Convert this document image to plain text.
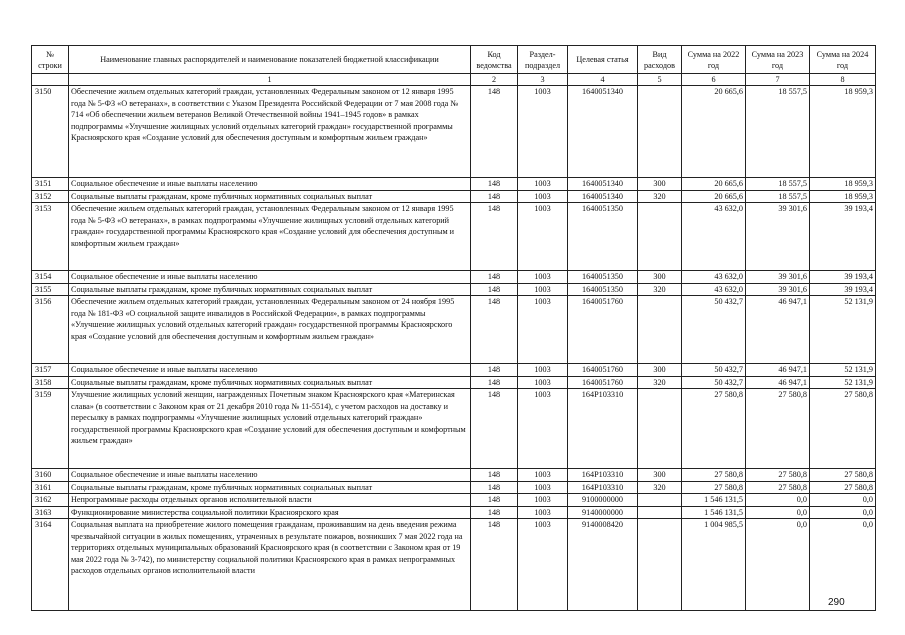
№ строки	Наименование главных распорядителей и наименование показателей бюджетной классификации	Код ведомства	Раздел-подраздел	Целевая статья	Вид расходов	Сумма на 2022 год	Сумма на 2023 год	Сумма на 2024 год
	1	2	3	4	5	6	7	8
3150	Обеспечение жильем отдельных категорий граждан, установленных Федеральным законом от 12 января 1995 года № 5-ФЗ «О ветеранах», в соответствии с Указом Президента Российской Федерации от 7 мая 2008 года № 714 «Об обеспечении жильем ветеранов Великой Отечественной войны 1941–1945 годов» в рамках подпрограммы «Улучшение жилищных условий отдельных категорий граждан» государственной программы Красноярского края «Создание условий для обеспечения доступным и комфортным жильем граждан»	148	1003	1640051340		20 665,6	18 557,5	18 959,3
3151	Социальное обеспечение и иные выплаты населению	148	1003	1640051340	300	20 665,6	18 557,5	18 959,3
3152	Социальные выплаты гражданам, кроме публичных нормативных социальных выплат	148	1003	1640051340	320	20 665,6	18 557,5	18 959,3
3153	Обеспечение жильем отдельных категорий граждан, установленных Федеральным законом от 12 января 1995 года № 5-ФЗ «О ветеранах», в рамках подпрограммы «Улучшение жилищных условий отдельных категорий граждан» государственной программы Красноярского края «Создание условий для обеспечения доступным и комфортным жильем граждан»	148	1003	1640051350		43 632,0	39 301,6	39 193,4
3154	Социальное обеспечение и иные выплаты населению	148	1003	1640051350	300	43 632,0	39 301,6	39 193,4
3155	Социальные выплаты гражданам, кроме публичных нормативных социальных выплат	148	1003	1640051350	320	43 632,0	39 301,6	39 193,4
3156	Обеспечение жильем отдельных категорий граждан, установленных Федеральным законом от 24 ноября 1995 года № 181-ФЗ «О социальной защите инвалидов в Российской Федерации», в рамках подпрограммы «Улучшение жилищных условий отдельных категорий граждан» государственной программы Красноярского края «Создание условий для обеспечения доступным и комфортным жильем граждан»	148	1003	1640051760		50 432,7	46 947,1	52 131,9
3157	Социальное обеспечение и иные выплаты населению	148	1003	1640051760	300	50 432,7	46 947,1	52 131,9
3158	Социальные выплаты гражданам, кроме публичных нормативных социальных выплат	148	1003	1640051760	320	50 432,7	46 947,1	52 131,9
3159	Улучшение жилищных условий женщин, награжденных Почетным знаком Красноярского края «Материнская слава» (в соответствии с Законом края от 21 декабря 2010 года № 11-5514), с учетом расходов на доставку и пересылку в рамках подпрограммы «Улучшение жилищных условий отдельных категорий граждан» государственной программы Красноярского края «Создание условий для обеспечения доступным и комфортным жильем граждан»	148	1003	164Р103310		27 580,8	27 580,8	27 580,8
3160	Социальное обеспечение и иные выплаты населению	148	1003	164Р103310	300	27 580,8	27 580,8	27 580,8
3161	Социальные выплаты гражданам, кроме публичных нормативных социальных выплат	148	1003	164Р103310	320	27 580,8	27 580,8	27 580,8
3162	Непрограммные расходы отдельных органов исполнительной власти	148	1003	9100000000		1 546 131,5	0,0	0,0
3163	Функционирование министерства социальной политики Красноярского края	148	1003	9140000000		1 546 131,5	0,0	0,0
3164	Социальная выплата на приобретение жилого помещения гражданам, проживавшим на день введения режима чрезвычайной ситуации в жилых помещениях, утраченных в результате пожаров, возникших 7 мая 2022 года на территориях отдельных муниципальных образований Красноярского края (в соответствии с Законом края от 19 мая 2022 года № 3-742), по министерству социальной политики Красноярского края в рамках непрограммных расходов отдельных органов исполнительной власти	148	1003	9140008420		1 004 985,5	0,0	0,0
290
